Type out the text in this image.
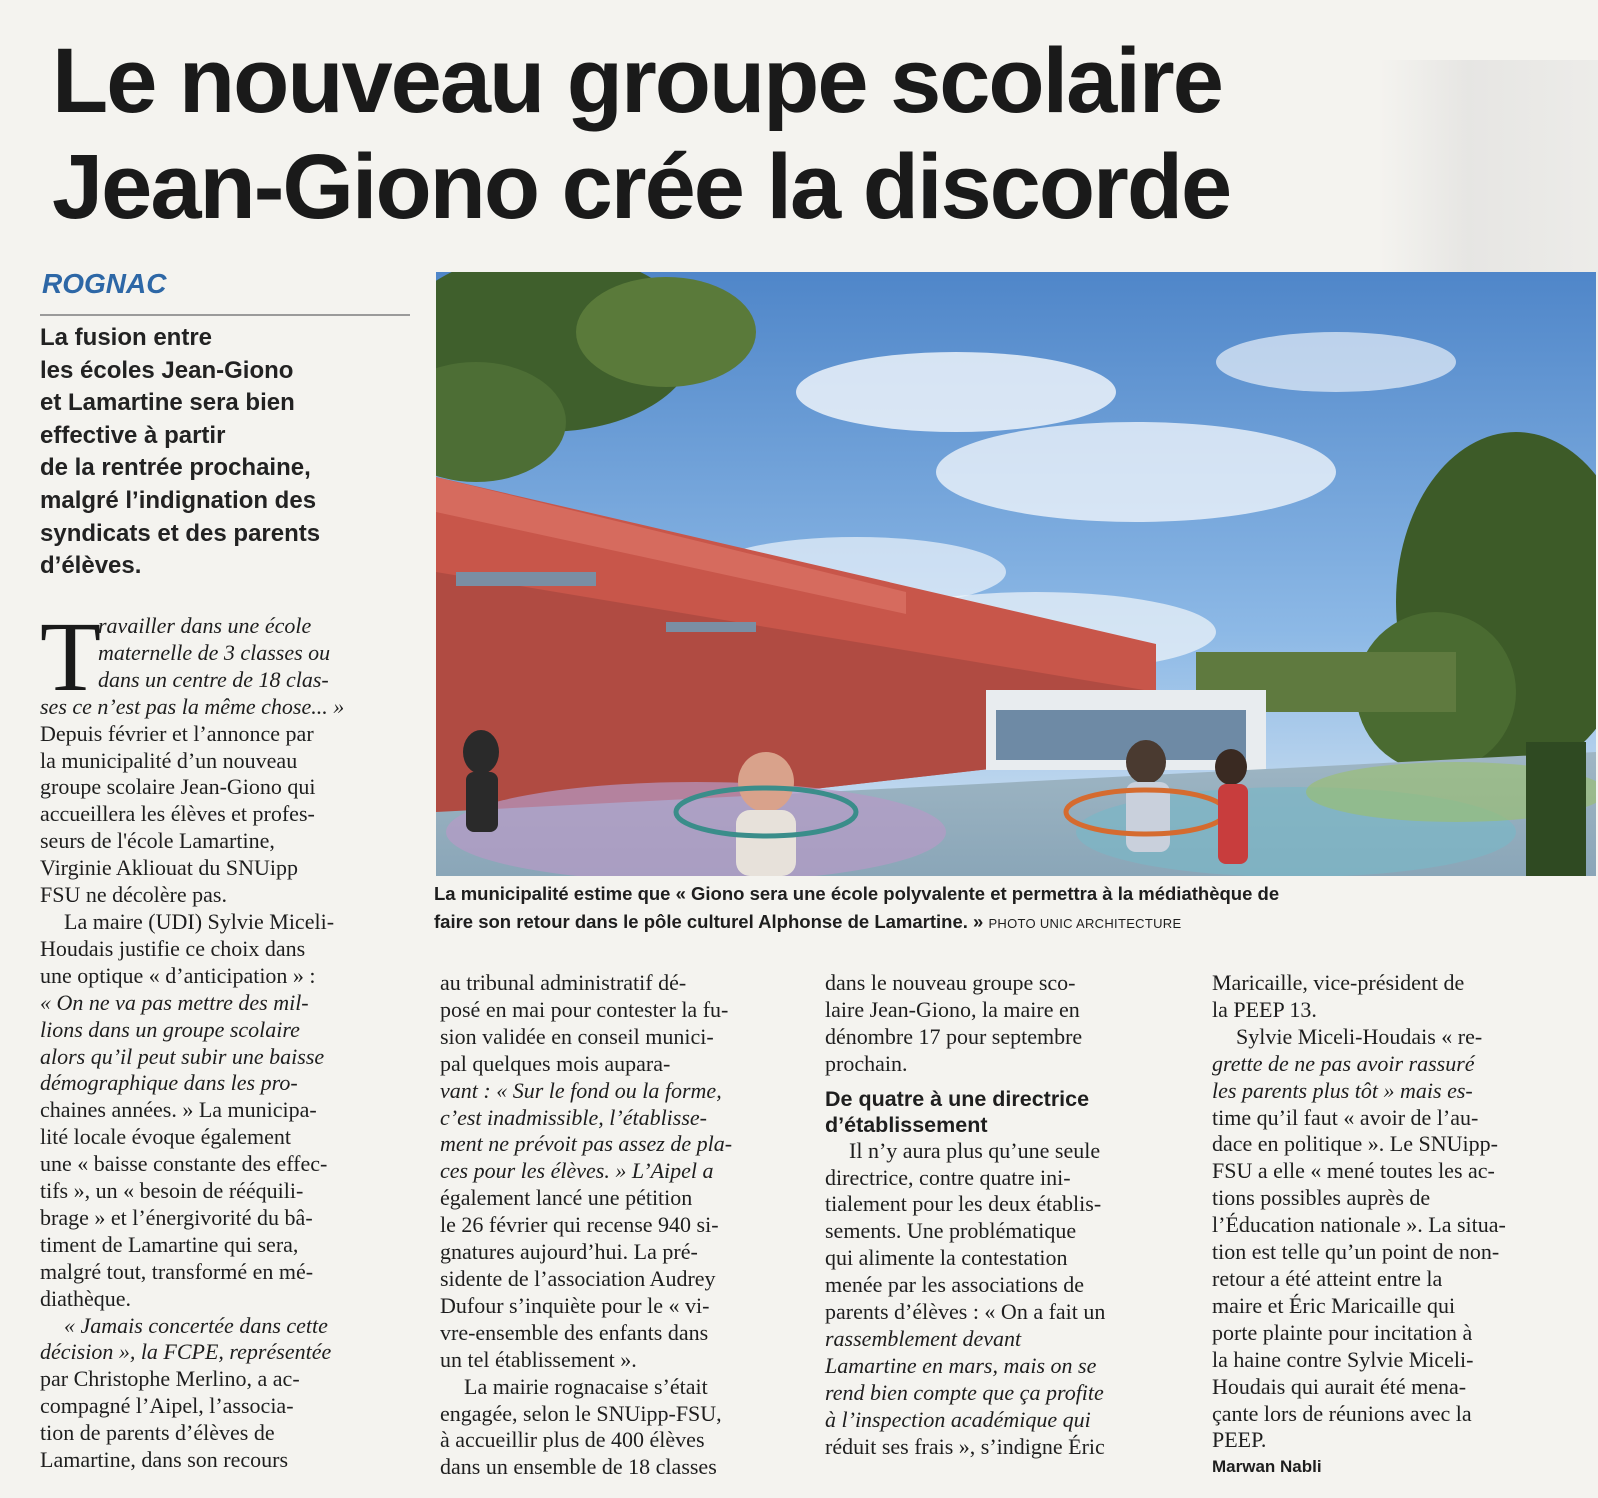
Le nouveau groupe scolaire
Jean-Giono crée la discorde
ROGNAC
La fusion entre
les écoles Jean-Giono
et Lamartine sera bien
effective à partir
de la rentrée prochaine,
malgré l’indignation des
syndicats et des parents
d’élèves.
La municipalité estime que « Giono sera une école polyvalente et permettra à la médiathèque de
faire son retour dans le pôle culturel Alphonse de Lamartine. » PHOTO UNIC ARCHITECTURE
T
ravailler dans une école
maternelle de 3 classes ou
dans un centre de 18 clas-
ses ce n’est pas la même chose... »
Depuis février et l’annonce par
la municipalité d’un nouveau
groupe scolaire Jean-Giono qui
accueillera les élèves et profes-
seurs de l'école Lamartine,
Virginie Akliouat du SNUipp
FSU ne décolère pas.
La maire (UDI) Sylvie Miceli-
Houdais justifie ce choix dans
une optique « d’anticipation » :
« On ne va pas mettre des mil-
lions dans un groupe scolaire
alors qu’il peut subir une baisse
démographique dans les pro-
chaines années. » La municipa-
lité locale évoque également
une « baisse constante des effec-
tifs », un « besoin de rééquili-
brage » et l’énergivorité du bâ-
timent de Lamartine qui sera,
malgré tout, transformé en mé-
diathèque.
« Jamais concertée dans cette
décision », la FCPE, représentée
par Christophe Merlino, a ac-
compagné l’Aipel, l’associa-
tion de parents d’élèves de
Lamartine, dans son recours
au tribunal administratif dé-
posé en mai pour contester la fu-
sion validée en conseil munici-
pal quelques mois aupara-
vant : « Sur le fond ou la forme,
c’est inadmissible, l’établisse-
ment ne prévoit pas assez de pla-
ces pour les élèves. » L’Aipel a
également lancé une pétition
le 26 février qui recense 940 si-
gnatures aujourd’hui. La pré-
sidente de l’association Audrey
Dufour s’inquiète pour le « vi-
vre-ensemble des enfants dans
un tel établissement ».
La mairie rognacaise s’était
engagée, selon le SNUipp-FSU,
à accueillir plus de 400 élèves
dans un ensemble de 18 classes
dans le nouveau groupe sco-
laire Jean-Giono, la maire en
dénombre 17 pour septembre
prochain.
De quatre à une directrice
d’établissement
Il n’y aura plus qu’une seule
directrice, contre quatre ini-
tialement pour les deux établis-
sements. Une problématique
qui alimente la contestation
menée par les associations de
parents d’élèves : « On a fait un
rassemblement devant
Lamartine en mars, mais on se
rend bien compte que ça profite
à l’inspection académique qui
réduit ses frais », s’indigne Éric
Maricaille, vice-président de
la PEEP 13.
Sylvie Miceli-Houdais « re-
grette de ne pas avoir rassuré
les parents plus tôt » mais es-
time qu’il faut « avoir de l’au-
dace en politique ». Le SNUipp-
FSU a elle « mené toutes les ac-
tions possibles auprès de
l’Éducation nationale ». La situa-
tion est telle qu’un point de non-
retour a été atteint entre la
maire et Éric Maricaille qui
porte plainte pour incitation à
la haine contre Sylvie Miceli-
Houdais qui aurait été mena-
çante lors de réunions avec la
PEEP.
Marwan Nabli
